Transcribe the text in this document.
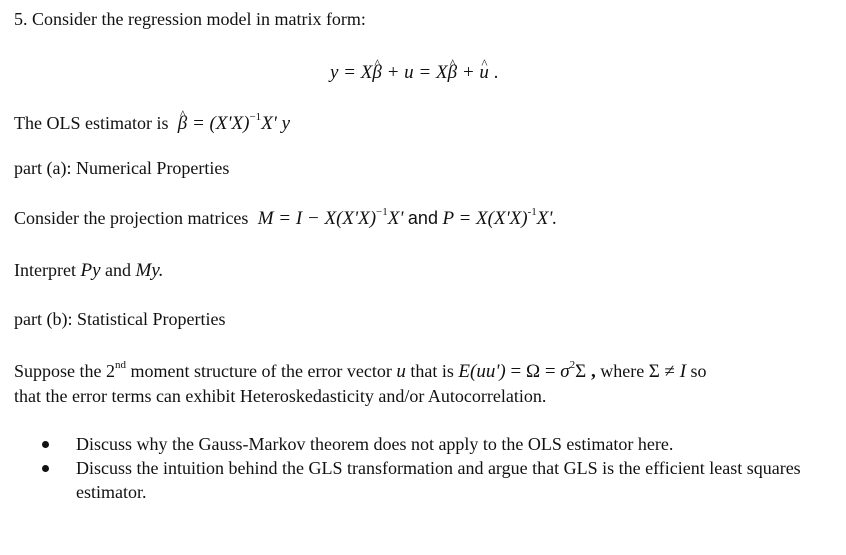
5. Consider the regression model in matrix form:
y = Xβ ^ + u = Xβ ^ + u ^ .
The OLS estimator is β ^ = $(X'X)^{-1}X'$ y
part (a): Numerical Properties
Consider the projection matrices  $M = I - X(X'X)^{-1}X'$ and $P = X(X'X)^{-1}X'$.
Interpret Py and My.
part (b): Statistical Properties
Suppose the 2nd moment structure of the error vector u that is $E(uu') = \Omega = \sigma^2\Sigma$ , where Σ ≠ I so
that the error terms can exhibit Heteroskedasticity and/or Autocorrelation.
Discuss why the Gauss-Markov theorem does not apply to the OLS estimator here.
Discuss the intuition behind the GLS transformation and argue that GLS is the efficient least squares estimator.
